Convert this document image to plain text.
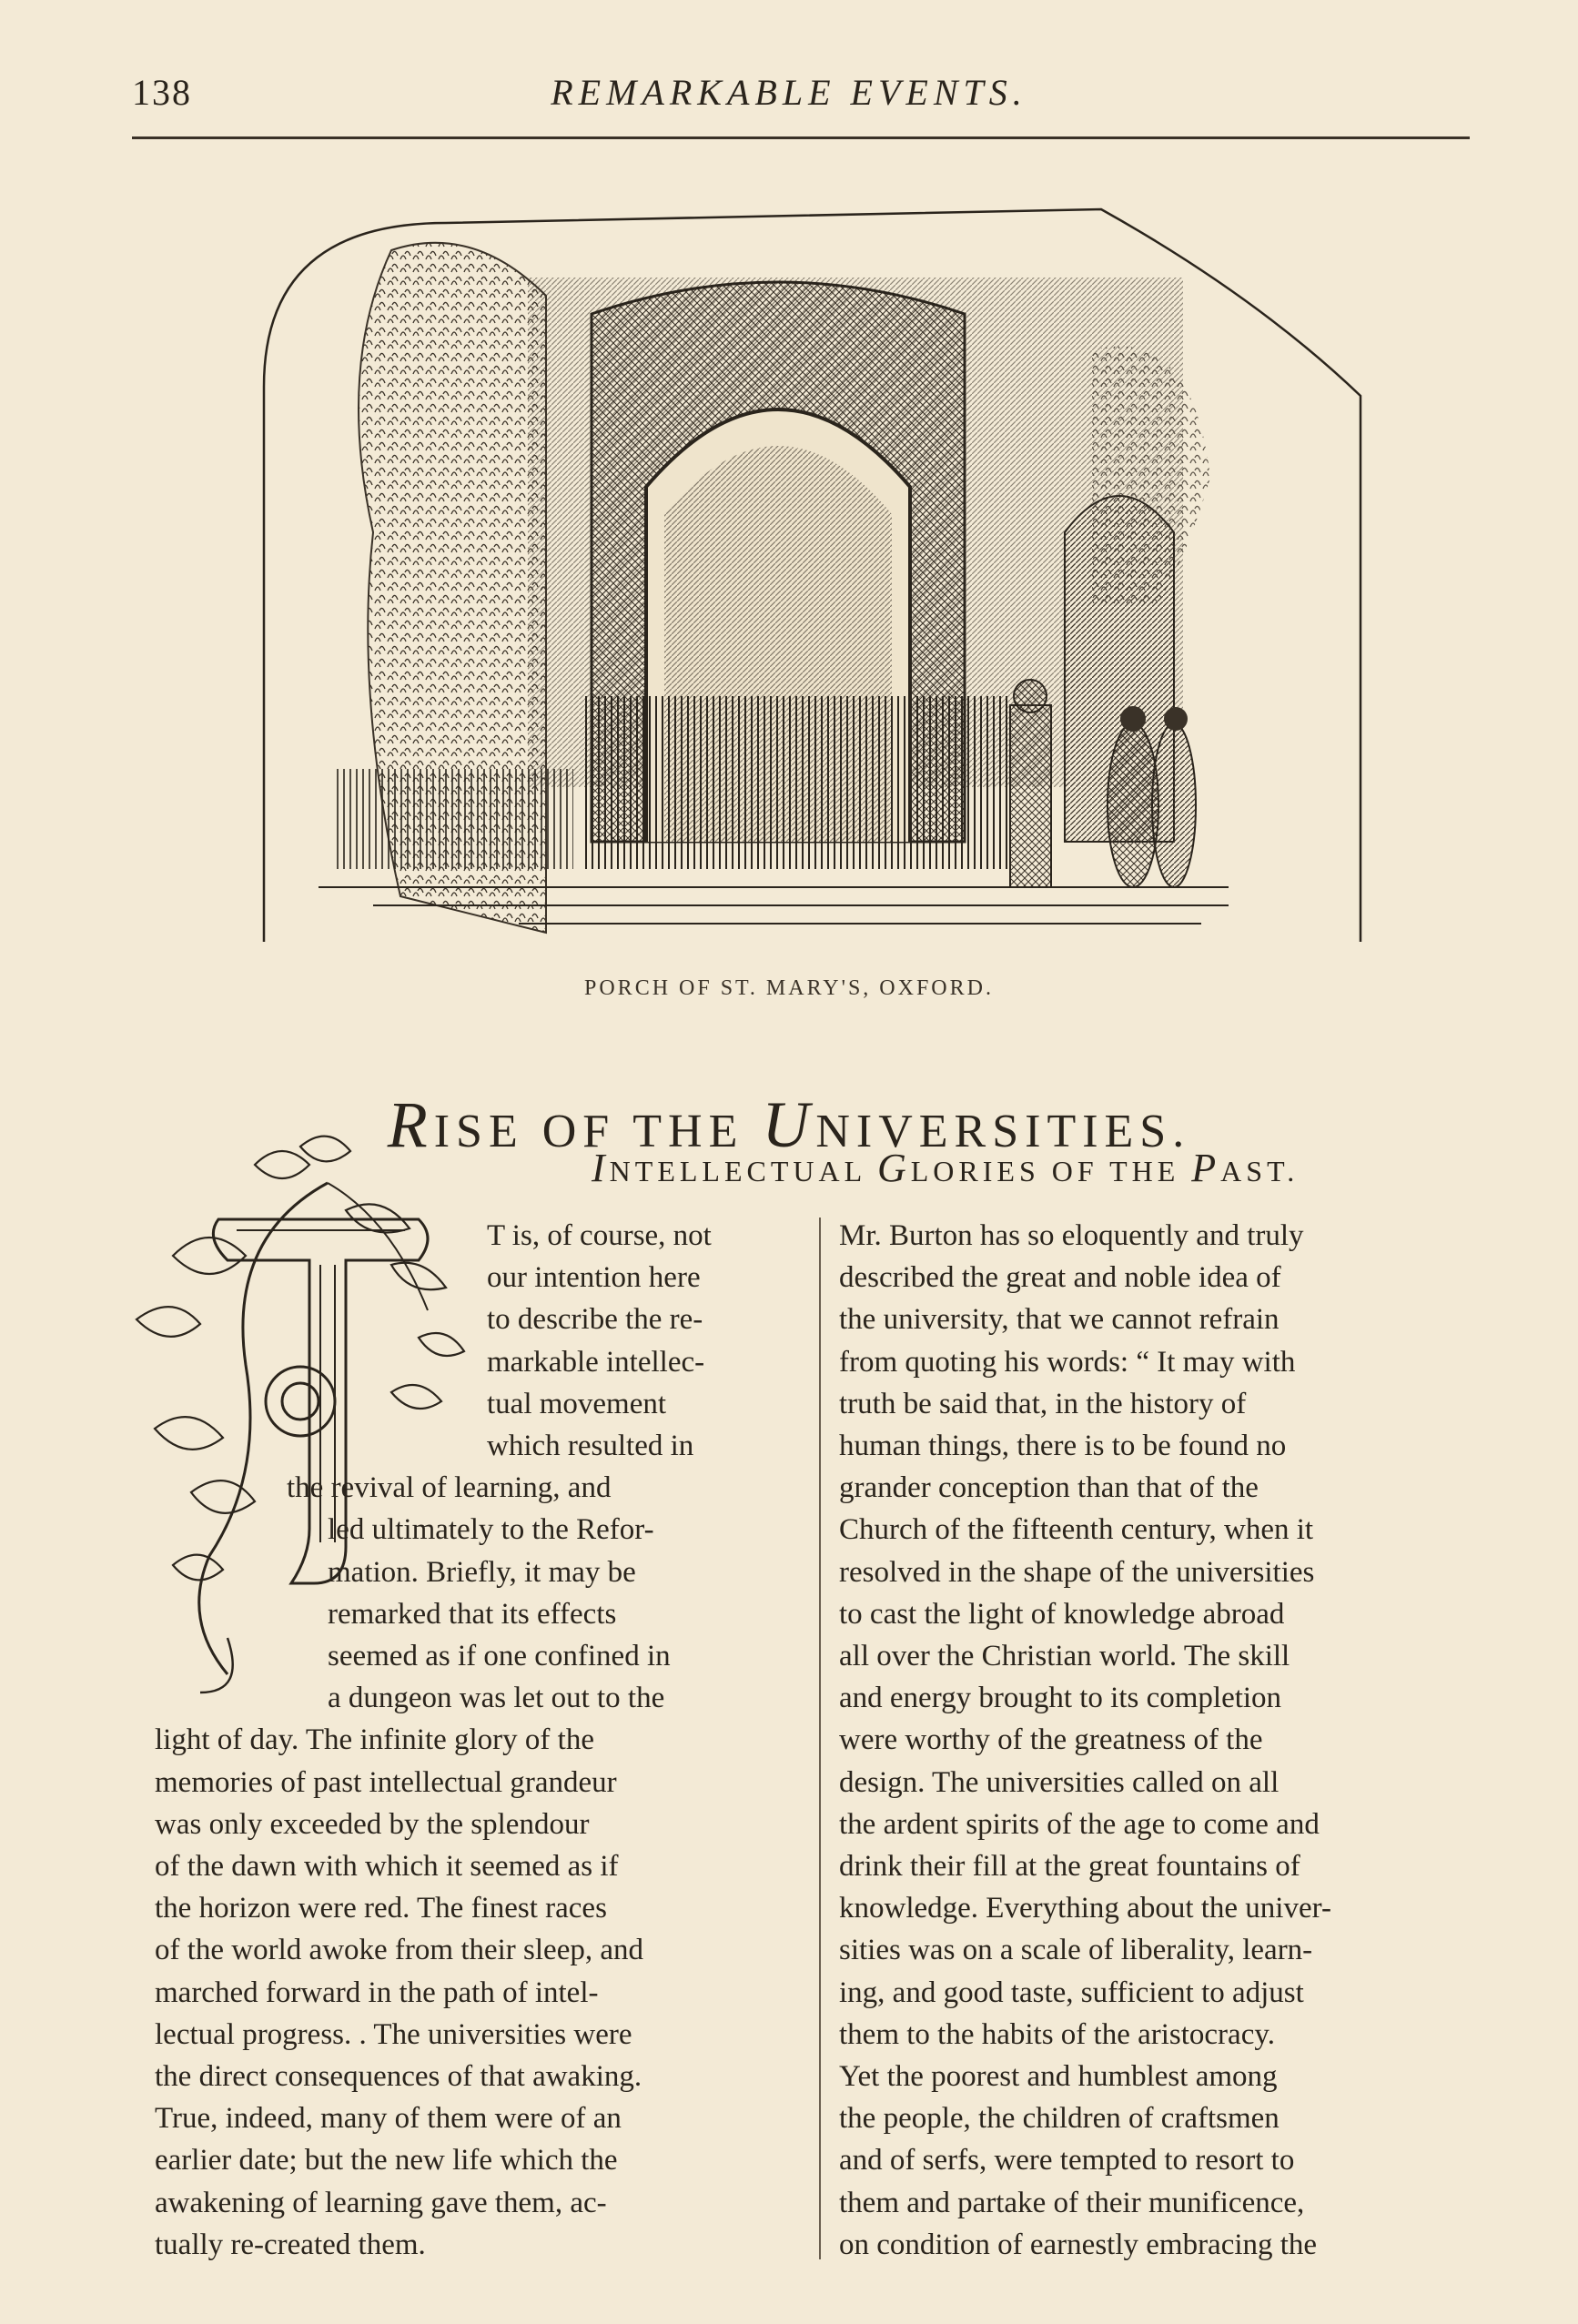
138	REMARKABLE EVENTS.
PORCH OF ST. MARY'S, OXFORD.
RISE OF THE UNIVERSITIES.
INTELLECTUAL GLORIES OF THE PAST.
T is, of course, not
our intention here
to describe the re-
markable intellec-
tual movement
which resulted in
the revival of learning, and
led ultimately to the Refor-
mation. Briefly, it may be
remarked that its effects
seemed as if one confined in
a dungeon was let out to the
light of day. The infinite glory of the
memories of past intellectual grandeur
was only exceeded by the splendour
of the dawn with which it seemed as if
the horizon were red. The finest races
of the world awoke from their sleep, and
marched forward in the path of intel-
lectual progress. . The universities were
the direct consequences of that awaking.
True, indeed, many of them were of an
earlier date; but the new life which the
awakening of learning gave them, ac-
tually re-created them.
Mr. Burton has so eloquently and truly
described the great and noble idea of
the university, that we cannot refrain
from quoting his words: “ It may with
truth be said that, in the history of
human things, there is to be found no
grander conception than that of the
Church of the fifteenth century, when it
resolved in the shape of the universities
to cast the light of knowledge abroad
all over the Christian world. The skill
and energy brought to its completion
were worthy of the greatness of the
design. The universities called on all
the ardent spirits of the age to come and
drink their fill at the great fountains of
knowledge. Everything about the univer-
sities was on a scale of liberality, learn-
ing, and good taste, sufficient to adjust
them to the habits of the aristocracy.
Yet the poorest and humblest among
the people, the children of craftsmen
and of serfs, were tempted to resort to
them and partake of their munificence,
on condition of earnestly embracing the
